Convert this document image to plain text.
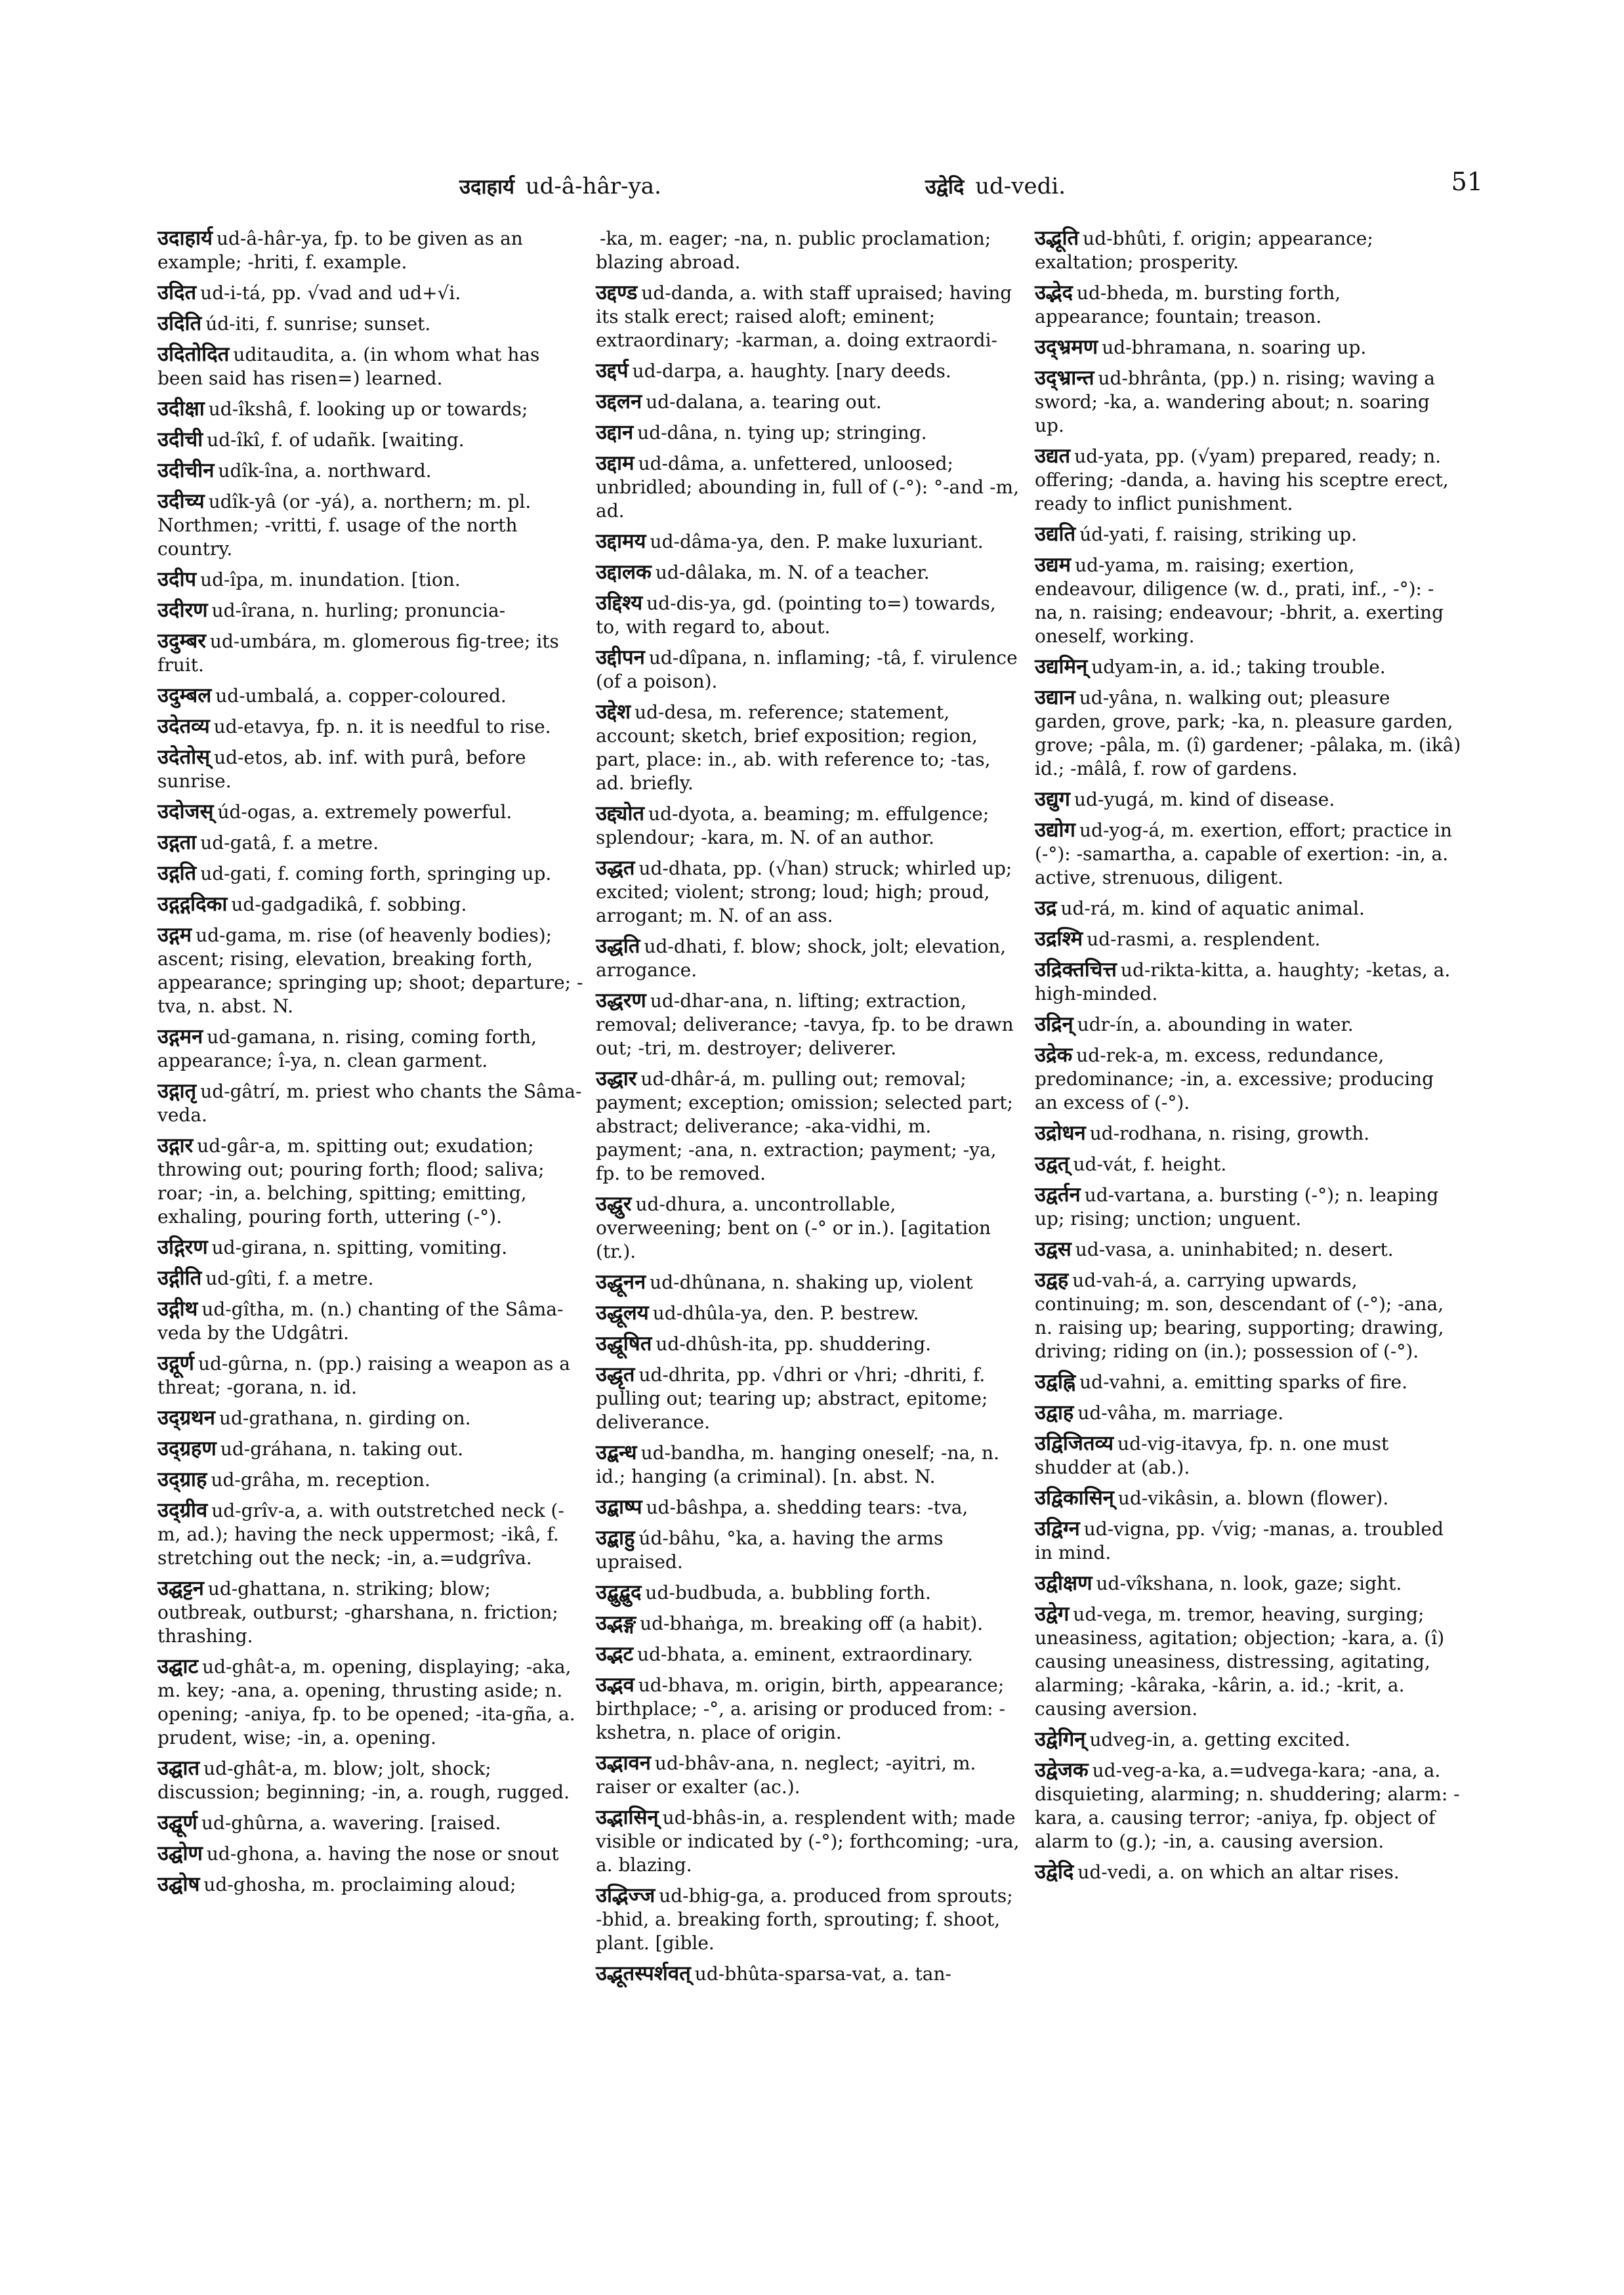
उदाहार्य ud-â-hâr-ya.	उद्वेदि ud-vedi.	51
उदाहार्य ud-â-hâr-ya, fp. to be given as an example; -hriti, f. example.
उदित ud-i-tá, pp. √vad and ud+√i.
उदिति úd-iti, f. sunrise; sunset.
उदितोदित uditaudita, a. (in whom what has been said has risen=) learned.
उदीक्षा ud-îkshâ, f. looking up or towards;
उदीची ud-îkî, f. of udañk. [waiting.
उदीचीन udîk-îna, a. northward.
उदीच्य udîk-yâ (or -yá), a. northern; m. pl. Northmen; -vritti, f. usage of the north country.
उदीप ud-îpa, m. inundation. [tion.
उदीरण ud-îrana, n. hurling; pronuncia-
उदुम्बर ud-umbára, m. glomerous fig-tree; its fruit.
उदुम्बल ud-umbalá, a. copper-coloured.
उदेतव्य ud-etavya, fp. n. it is needful to rise.
उदेतोस् ud-etos, ab. inf. with purâ, before sunrise.
उदोजस् úd-ogas, a. extremely powerful.
उद्गता ud-gatâ, f. a metre.
उद्गति ud-gati, f. coming forth, springing up.
उद्गद्गदिका ud-gadgadikâ, f. sobbing.
उद्गम ud-gama, m. rise (of heavenly bodies); ascent; rising, elevation, breaking forth, appearance; springing up; shoot; departure; -tva, n. abst. N.
उद्गमन ud-gamana, n. rising, coming forth, appearance; î-ya, n. clean garment.
उद्गातृ ud-gâtrí, m. priest who chants the Sâma-veda.
उद्गार ud-gâr-a, m. spitting out; exudation; throwing out; pouring forth; flood; saliva; roar; -in, a. belching, spitting; emitting, exhaling, pouring forth, uttering (-°).
उद्गिरण ud-girana, n. spitting, vomiting.
उद्गीति ud-gîti, f. a metre.
उद्गीथ ud-gîtha, m. (n.) chanting of the Sâma-veda by the Udgâtri.
उद्गूर्ण ud-gûrna, n. (pp.) raising a weapon as a threat; -gorana, n. id.
उद्ग्रथन ud-grathana, n. girding on.
उद्ग्रहण ud-gráhana, n. taking out.
उद्ग्राह ud-grâha, m. reception.
उद्ग्रीव ud-grîv-a, a. with outstretched neck (-m, ad.); having the neck uppermost; -ikâ, f. stretching out the neck; -in, a.=udgrîva.
उद्घट्टन ud-ghattana, n. striking; blow; outbreak, outburst; -gharshana, n. friction; thrashing.
उद्घाट ud-ghât-a, m. opening, displaying; -aka, m. key; -ana, a. opening, thrusting aside; n. opening; -aniya, fp. to be opened; -ita-gña, a. prudent, wise; -in, a. opening.
उद्घात ud-ghât-a, m. blow; jolt, shock; discussion; beginning; -in, a. rough, rugged.
उद्घूर्ण ud-ghûrna, a. wavering. [raised.
उद्घोण ud-ghona, a. having the nose or snout
उद्घोष ud-ghosha, m. proclaiming aloud;
-ka, m. eager; -na, n. public proclamation; blazing abroad.
उद्दण्ड ud-danda, a. with staff upraised; having its stalk erect; raised aloft; eminent; extraordinary; -karman, a. doing extraordi-
उद्दर्प ud-darpa, a. haughty. [nary deeds.
उद्दलन ud-dalana, a. tearing out.
उद्दान ud-dâna, n. tying up; stringing.
उद्दाम ud-dâma, a. unfettered, unloosed; unbridled; abounding in, full of (-°): °-and -m, ad.
उद्दामय ud-dâma-ya, den. P. make luxuriant.
उद्दालक ud-dâlaka, m. N. of a teacher.
उद्दिश्य ud-dis-ya, gd. (pointing to=) towards, to, with regard to, about.
उद्दीपन ud-dîpana, n. inflaming; -tâ, f. virulence (of a poison).
उद्देश ud-desa, m. reference; statement, account; sketch, brief exposition; region, part, place: in., ab. with reference to; -tas, ad. briefly.
उद्द्योत ud-dyota, a. beaming; m. effulgence; splendour; -kara, m. N. of an author.
उद्धत ud-dhata, pp. (√han) struck; whirled up; excited; violent; strong; loud; high; proud, arrogant; m. N. of an ass.
उद्धति ud-dhati, f. blow; shock, jolt; elevation, arrogance.
उद्धरण ud-dhar-ana, n. lifting; extraction, removal; deliverance; -tavya, fp. to be drawn out; -tri, m. destroyer; deliverer.
उद्धार ud-dhâr-á, m. pulling out; removal; payment; exception; omission; selected part; abstract; deliverance; -aka-vidhi, m. payment; -ana, n. extraction; payment; -ya, fp. to be removed.
उद्धुर ud-dhura, a. uncontrollable, overweening; bent on (-° or in.). [agitation (tr.).
उद्धूनन ud-dhûnana, n. shaking up, violent
उद्धूलय ud-dhûla-ya, den. P. bestrew.
उद्धूषित ud-dhûsh-ita, pp. shuddering.
उद्धृत ud-dhrita, pp. √dhri or √hri; -dhriti, f. pulling out; tearing up; abstract, epitome; deliverance.
उद्बन्ध ud-bandha, m. hanging oneself; -na, n. id.; hanging (a criminal). [n. abst. N.
उद्बाष्प ud-bâshpa, a. shedding tears: -tva,
उद्बाहु úd-bâhu, °ka, a. having the arms upraised.
उद्बुद्बुद ud-budbuda, a. bubbling forth.
उद्भङ्ग ud-bhaṅga, m. breaking off (a habit).
उद्भट ud-bhata, a. eminent, extraordinary.
उद्भव ud-bhava, m. origin, birth, appearance; birthplace; -°, a. arising or produced from: -kshetra, n. place of origin.
उद्भावन ud-bhâv-ana, n. neglect; -ayitri, m. raiser or exalter (ac.).
उद्भासिन् ud-bhâs-in, a. resplendent with; made visible or indicated by (-°); forthcoming; -ura, a. blazing.
उद्भिज्ज ud-bhig-ga, a. produced from sprouts; -bhid, a. breaking forth, sprouting; f. shoot, plant. [gible.
उद्भूतस्पर्शवत् ud-bhûta-sparsa-vat, a. tan-
उद्भूति ud-bhûti, f. origin; appearance; exaltation; prosperity.
उद्भेद ud-bheda, m. bursting forth, appearance; fountain; treason.
उद्भ्रमण ud-bhramana, n. soaring up.
उद्भ्रान्त ud-bhrânta, (pp.) n. rising; waving a sword; -ka, a. wandering about; n. soaring up.
उद्यत ud-yata, pp. (√yam) prepared, ready; n. offering; -danda, a. having his sceptre erect, ready to inflict punishment.
उद्यति úd-yati, f. raising, striking up.
उद्यम ud-yama, m. raising; exertion, endeavour, diligence (w. d., prati, inf., -°): -na, n. raising; endeavour; -bhrit, a. exerting oneself, working.
उद्यमिन् udyam-in, a. id.; taking trouble.
उद्यान ud-yâna, n. walking out; pleasure garden, grove, park; -ka, n. pleasure garden, grove; -pâla, m. (î) gardener; -pâlaka, m. (ikâ) id.; -mâlâ, f. row of gardens.
उद्युग ud-yugá, m. kind of disease.
उद्योग ud-yog-á, m. exertion, effort; practice in (-°): -samartha, a. capable of exertion: -in, a. active, strenuous, diligent.
उद्र ud-rá, m. kind of aquatic animal.
उद्रश्मि ud-rasmi, a. resplendent.
उद्रिक्तचित्त ud-rikta-kitta, a. haughty; -ketas, a. high-minded.
उद्रिन् udr-ín, a. abounding in water.
उद्रेक ud-rek-a, m. excess, redundance, predominance; -in, a. excessive; producing an excess of (-°).
उद्रोधन ud-rodhana, n. rising, growth.
उद्वत् ud-vát, f. height.
उद्वर्तन ud-vartana, a. bursting (-°); n. leaping up; rising; unction; unguent.
उद्वस ud-vasa, a. uninhabited; n. desert.
उद्वह ud-vah-á, a. carrying upwards, continuing; m. son, descendant of (-°); -ana, n. raising up; bearing, supporting; drawing, driving; riding on (in.); possession of (-°).
उद्वह्नि ud-vahni, a. emitting sparks of fire.
उद्वाह ud-vâha, m. marriage.
उद्विजितव्य ud-vig-itavya, fp. n. one must shudder at (ab.).
उद्विकासिन् ud-vikâsin, a. blown (flower).
उद्विग्न ud-vigna, pp. √vig; -manas, a. troubled in mind.
उद्वीक्षण ud-vîkshana, n. look, gaze; sight.
उद्वेग ud-vega, m. tremor, heaving, surging; uneasiness, agitation; objection; -kara, a. (î) causing uneasiness, distressing, agitating, alarming; -kâraka, -kârin, a. id.; -krit, a. causing aversion.
उद्वेगिन् udveg-in, a. getting excited.
उद्वेजक ud-veg-a-ka, a.=udvega-kara; -ana, a. disquieting, alarming; n. shuddering; alarm: -kara, a. causing terror; -aniya, fp. object of alarm to (g.); -in, a. causing aversion.
उद्वेदि ud-vedi, a. on which an altar rises.
